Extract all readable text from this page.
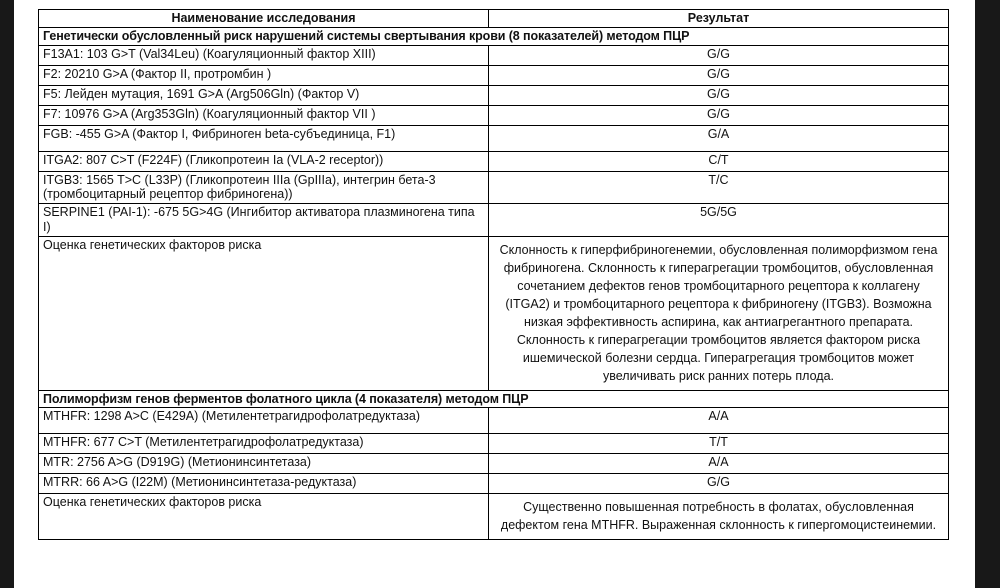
Наименование исследования	Результат
Генетически обусловленный риск нарушений системы свертывания крови (8 показателей) методом ПЦР	
F13A1: 103 G>T (Val34Leu) (Коагуляционный фактор XIII)	G/G
F2: 20210 G>A (Фактор II, протромбин )	G/G
F5: Лейден мутация, 1691 G>A (Arg506Gln) (Фактор V)	G/G
F7: 10976 G>A (Arg353Gln) (Коагуляционный фактор VII )	G/G
FGB: -455 G>A (Фактор I, Фибриноген beta-субъединица, F1)	G/A
ITGA2: 807 C>T (F224F) (Гликопротеин Ia (VLA-2 receptor))	C/T
ITGB3: 1565 T>C (L33P) (Гликопротеин IIIa (GpIIIa), интегрин бета-3 (тромбоцитарный рецептор фибриногена))	T/C
SERPINE1 (PAI-1): -675 5G>4G (Ингибитор активатора плазминогена типа I)	5G/5G
Оценка генетических факторов риска	Склонность к гиперфибриногенемии, обусловленная полиморфизмом гена фибриногена. Склонность к гиперагрегации тромбоцитов, обусловленная сочетанием дефектов генов тромбоцитарного рецептора к коллагену (ITGA2) и тромбоцитарного рецептора к фибриногену (ITGB3). Возможна низкая эффективность аспирина, как антиагрегантного препарата. Склонность к гиперагрегации тромбоцитов является фактором риска ишемической болезни сердца. Гиперагрегация тромбоцитов может увеличивать риск ранних потерь плода.
Полиморфизм генов ферментов фолатного цикла (4 показателя) методом ПЦР	
MTHFR: 1298 A>C (E429A) (Метилентетрагидрофолатредуктаза)	A/A
MTHFR: 677 C>T (Метилентетрагидрофолатредуктаза)	T/T
MTR: 2756 A>G (D919G) (Метионинсинтетаза)	A/A
MTRR: 66 A>G (I22M) (Метионинсинтетаза-редуктаза)	G/G
Оценка генетических факторов риска	Существенно повышенная потребность в фолатах, обусловленная дефектом гена MTHFR. Выраженная склонность к гипергомоцистеинемии.
